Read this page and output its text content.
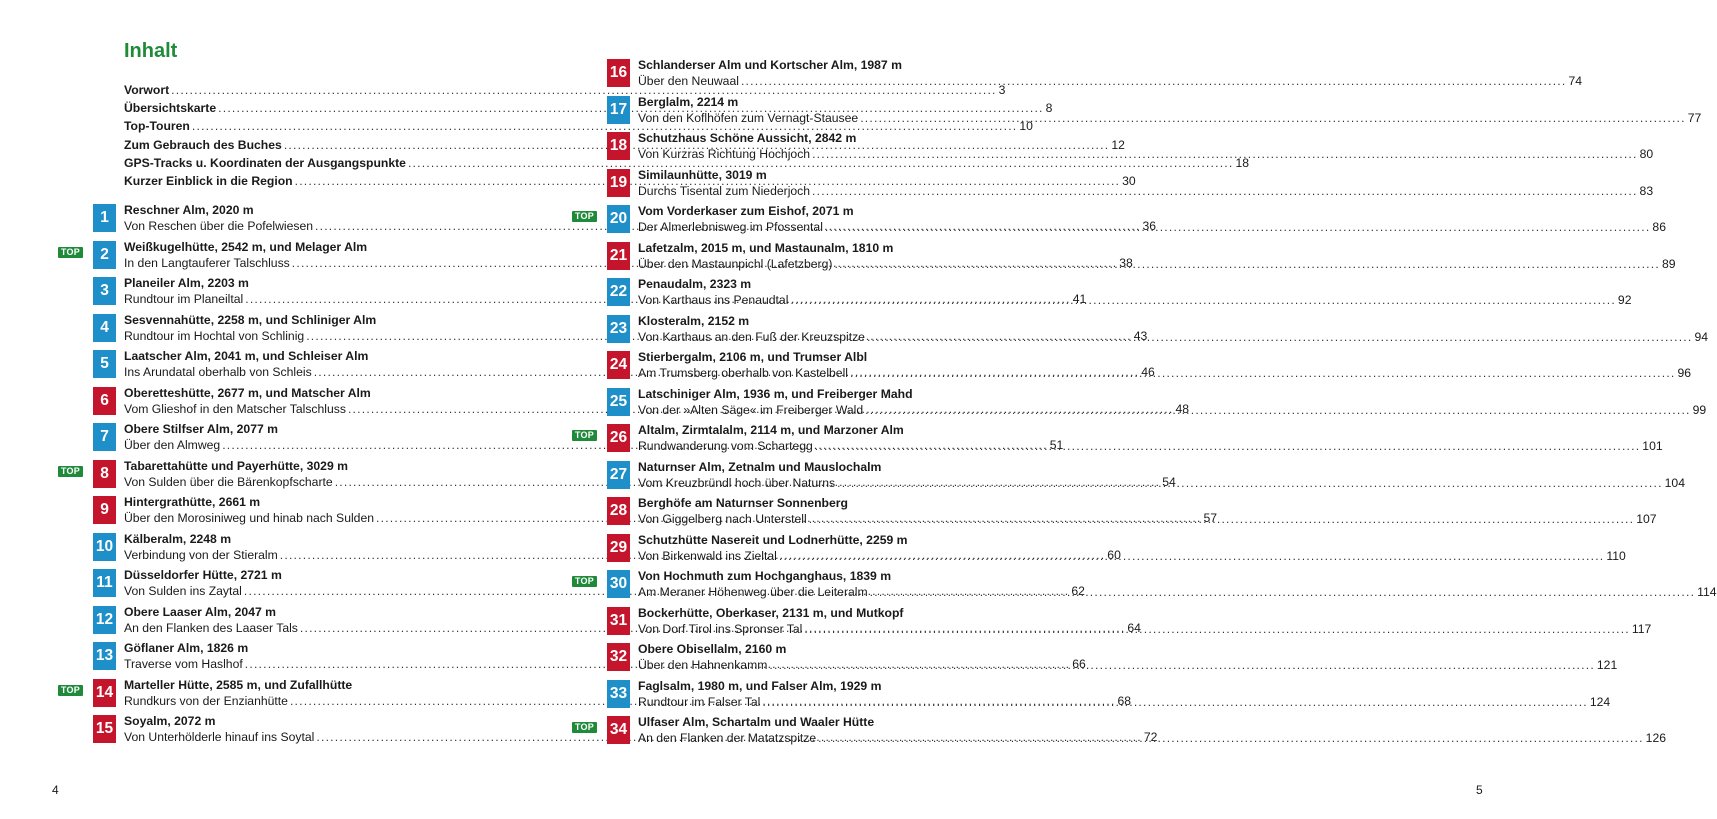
Inhalt
Vorwort .....	3
Übersichtskarte .....	8
Top-Touren .....	10
Zum Gebrauch des Buches .....	12
GPS-Tracks u. Koordinaten der Ausgangspunkte .....	18
Kurzer Einblick in die Region .....	30
1	Reschner Alm, 2020 m
Von Reschen über die Pofelwiesen .....	36
TOP	2	Weißkugelhütte, 2542 m, und Melager Alm
In den Langtauferer Talschluss .....	38
3	Planeiler Alm, 2203 m
Rundtour im Planeiltal .....	41
4	Sesvennahütte, 2258 m, und Schliniger Alm
Rundtour im Hochtal von Schlinig .....	43
5	Laatscher Alm, 2041 m, und Schleiser Alm
Ins Arundatal oberhalb von Schleis .....	46
6	Oberetteshütte, 2677 m, und Matscher Alm
Vom Glieshof in den Matscher Talschluss .....	48
7	Obere Stilfser Alm, 2077 m
Über den Almweg .....	51
TOP	8	Tabarettahütte und Payerhütte, 3029 m
Von Sulden über die Bärenkopfscharte .....	54
9	Hintergrathütte, 2661 m
Über den Morosiniweg und hinab nach Sulden .....	57
10 Kälberalm, 2248 m
Verbindung von der Stieralm .....	60
11 Düsseldorfer Hütte, 2721 m
Von Sulden ins Zaytal .....	62
12 Obere Laaser Alm, 2047 m
An den Flanken des Laaser Tals .....	64
13 Göflaner Alm, 1826 m
Traverse vom Haslhof .....	66
TOP 14 Marteller Hütte, 2585 m, und Zufallhütte
Rundkurs von der Enzianhütte .....	68
15 Soyalm, 2072 m
Von Unterhölderle hinauf ins Soytal .....	72
4
16 Schlanderser Alm und Kortscher Alm, 1987 m
Über den Neuwaal .....	74
17 Berglalm, 2214 m
Von den Koflhöfen zum Vernagt-Stausee .....	77
18 Schutzhaus Schöne Aussicht, 2842 m
Von Kurzras Richtung Hochjoch .....	80
19 Similaunhütte, 3019 m
Durchs Tisental zum Niederjoch .....	83
TOP 20 Vom Vorderkaser zum Eishof, 2071 m
Der Almerlebnisweg im Pfossental .....	86
21 Lafetzalm, 2015 m, und Mastaunalm, 1810 m
Über den Mastaunpichl (Lafetzberg) .....	89
22 Penaudalm, 2323 m
Von Karthaus ins Penaudtal .....	92
23 Klosteralm, 2152 m
Von Karthaus an den Fuß der Kreuzspitze .....	94
24 Stierbergalm, 2106 m, und Trumser Albl
Am Trumsberg oberhalb von Kastelbell .....	96
25 Latschiniger Alm, 1936 m, und Freiberger Mahd
Von der »Alten Säge« im Freiberger Wald .....	99
TOP 26 Altalm, Zirmtalalm, 2114 m, und Marzoner Alm
Rundwanderung vom Schartegg .....	101
27 Naturnser Alm, Zetnalm und Mauslochalm
Vom Kreuzbründl hoch über Naturns .....	104
28 Berghöfe am Naturnser Sonnenberg
Von Giggelberg nach Unterstell .....	107
29 Schutzhütte Nasereit und Lodnerhütte, 2259 m
Von Birkenwald ins Zieltal .....	110
TOP 30 Von Hochmuth zum Hochganghaus, 1839 m
Am Meraner Höhenweg über die Leiteralm .....	114
31 Bockerhütte, Oberkaser, 2131 m, und Mutkopf
Von Dorf Tirol ins Spronser Tal .....	117
32 Obere Obisellalm, 2160 m
Über den Hahnenkamm .....	121
33 Faglsalm, 1980 m, und Falser Alm, 1929 m
Rundtour im Falser Tal .....	124
TOP 34 Ulfaser Alm, Schartalm und Waaler Hütte
An den Flanken der Matatzspitze .....	126
5
